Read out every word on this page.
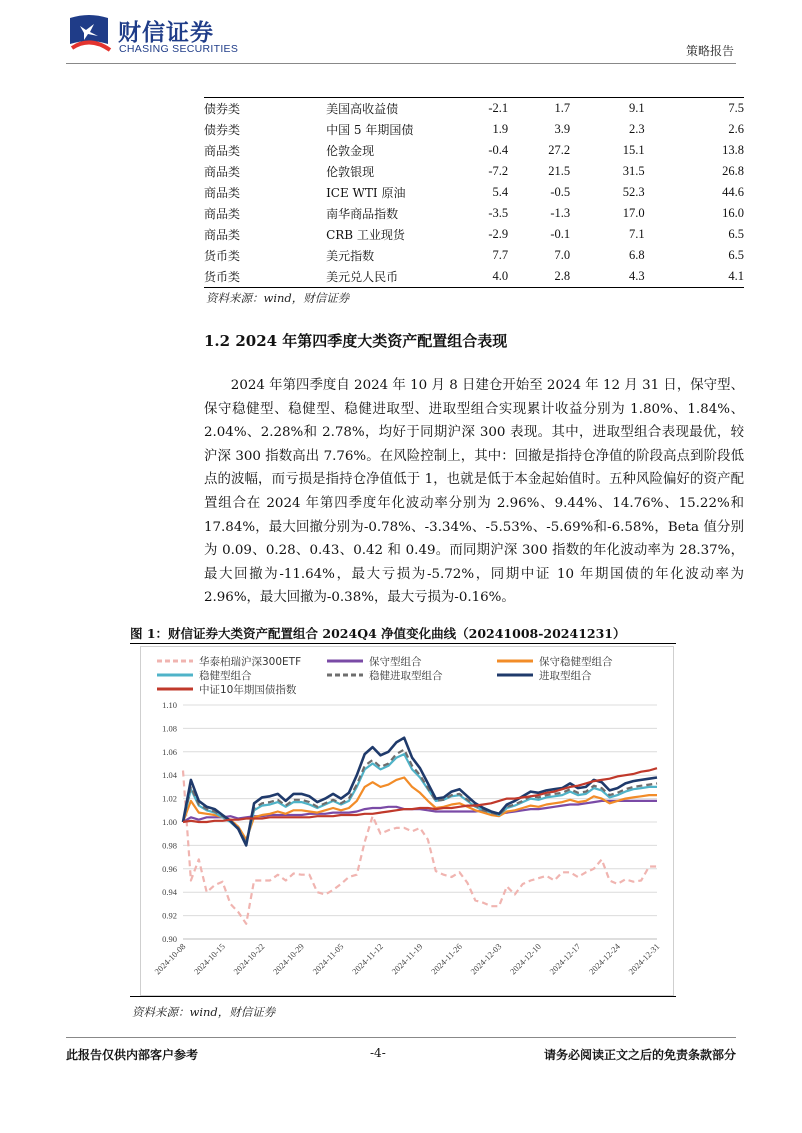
财信证券
CHASING SECURITIES	策略报告
债券类	美国高收益债	-2.1	1.7	9.1	7.5
债券类	中国 5 年期国债	1.9	3.9	2.3	2.6
商品类	伦敦金现	-0.4	27.2	15.1	13.8
商品类	伦敦银现	-7.2	21.5	31.5	26.8
商品类	ICE WTI 原油	5.4	-0.5	52.3	44.6
商品类	南华商品指数	-3.5	-1.3	17.0	16.0
商品类	CRB 工业现货	-2.9	-0.1	7.1	6.5
货币类	美元指数	7.7	7.0	6.8	6.5
货币类	美元兑人民币	4.0	2.8	4.3	4.1
资料来源：wind，财信证券
1.2 2024 年第四季度大类资产配置组合表现

2024 年第四季度自 2024 年 10 月 8 日建仓开始至 2024 年 12 月 31 日，保守型、保守稳健型、稳健型、稳健进取型、进取型组合实现累计收益分别为 1.80%、1.84%、2.04%、2.28%和 2.78%，均好于同期沪深 300 表现。其中，进取型组合表现最优，较沪深 300 指数高出 7.76%。在风险控制上，其中：回撤是指持仓净值的阶段高点到阶段低点的波幅，而亏损是指持仓净值低于 1，也就是低于本金起始值时。五种风险偏好的资产配置组合在 2024 年第四季度年化波动率分别为 2.96%、9.44%、14.76%、15.22%和 17.84%，最大回撤分别为-0.78%、-3.34%、-5.53%、-5.69%和-6.58%，Beta 值分别为 0.09、0.28、0.43、0.42 和 0.49。而同期沪深 300 指数的年化波动率为 28.37%，最大回撤为-11.64%，最大亏损为-5.72%，同期中证 10 年期国债的年化波动率为 2.96%，最大回撤为-0.38%，最大亏损为-0.16%。

图 1：财信证券大类资产配置组合 2024Q4 净值变化曲线（20241008-20241231）
0.90
0.92
0.94
0.96
0.98
1.00
1.02
1.04
1.06
1.08
1.10
2024-10-08 2024-10-15 2024-10-22 2024-10-29 2024-11-05 2024-11-12 2024-11-19 2024-11-26 2024-12-03 2024-12-10 2024-12-17 2024-12-24 2024-12-31
华泰柏瑞沪深300ETF	保守型组合	保守稳健型组合
稳健型组合	稳健进取型组合	进取型组合
中证10年期国债指数
资料来源：wind，财信证券
此报告仅供内部客户参考	-4-	请务必阅读正文之后的免责条款部分
